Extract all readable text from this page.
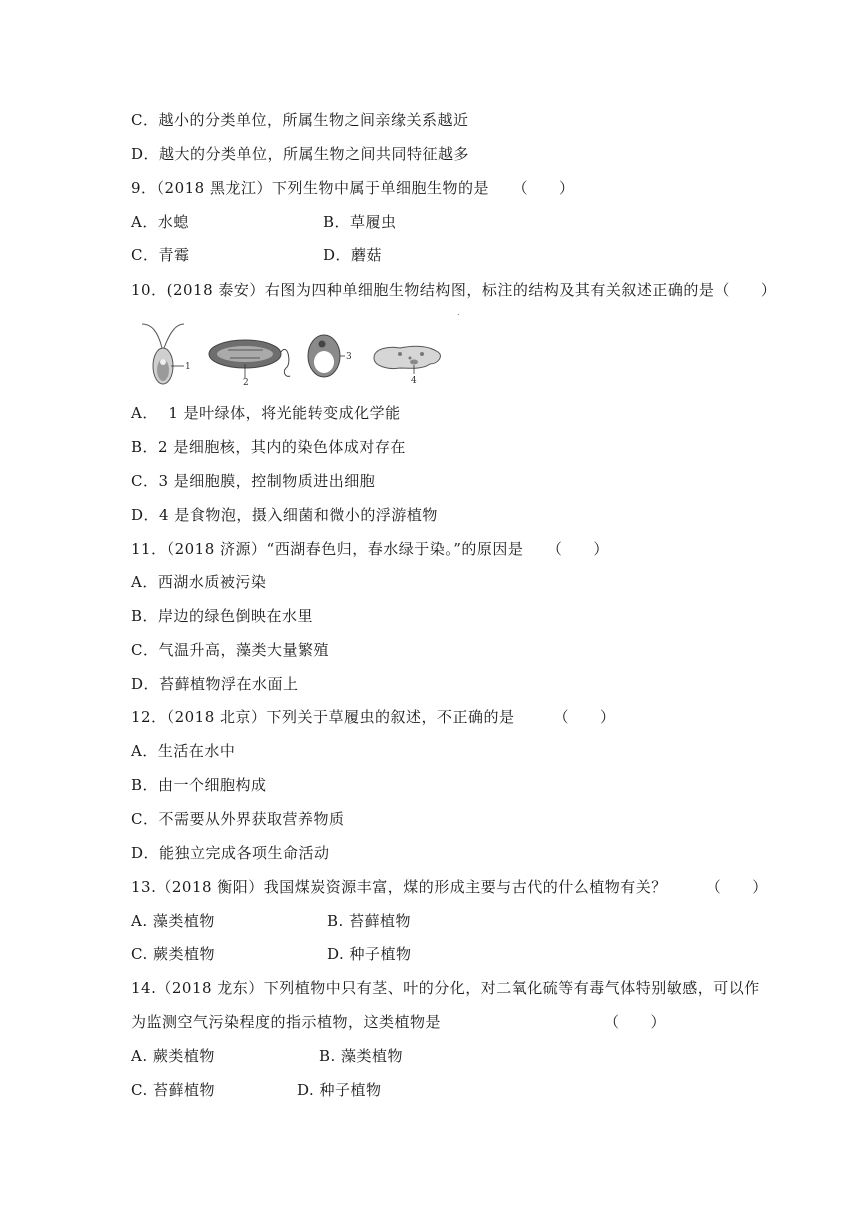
C．越小的分类单位，所属生物之间亲缘关系越近
D．越大的分类单位，所属生物之间共同特征越多
9．（2018 黑龙江）下列生物中属于单细胞生物的是　　（　　）
A．水螅	B．草履虫
C．青霉	D．蘑菇
10．(2018 泰安）右图为四种单细胞生物结构图，标注的结构及其有关叙述正确的是（　　）
.
1
2
3
4
A．  1 是叶绿体，将光能转变成化学能
B．2 是细胞核，其内的染色体成对存在
C．3 是细胞膜，控制物质进出细胞
D．4 是食物泡，摄入细菌和微小的浮游植物
11．（2018 济源）“西湖春色归，春水绿于染。”的原因是　　（　　）
A．西湖水质被污染
B．岸边的绿色倒映在水里
C．气温升高，藻类大量繁殖
D．苔藓植物浮在水面上
12．（2018 北京）下列关于草履虫的叙述，不正确的是　　　（　　）
A．生活在水中
B．由一个细胞构成
C．不需要从外界获取营养物质
D．能独立完成各项生命活动
13.（2018 衡阳）我国煤炭资源丰富，煤的形成主要与古代的什么植物有关？　　　（　　）
A. 藻类植物	B. 苔藓植物
C. 蕨类植物	D. 种子植物
14.（2018 龙东）下列植物中只有茎、叶的分化，对二氧化硫等有毒气体特别敏感，可以作
为监测空气污染程度的指示植物，这类植物是　　　　　　　　　　　（　　）
A. 蕨类植物	B. 藻类植物
C. 苔藓植物	D. 种子植物
